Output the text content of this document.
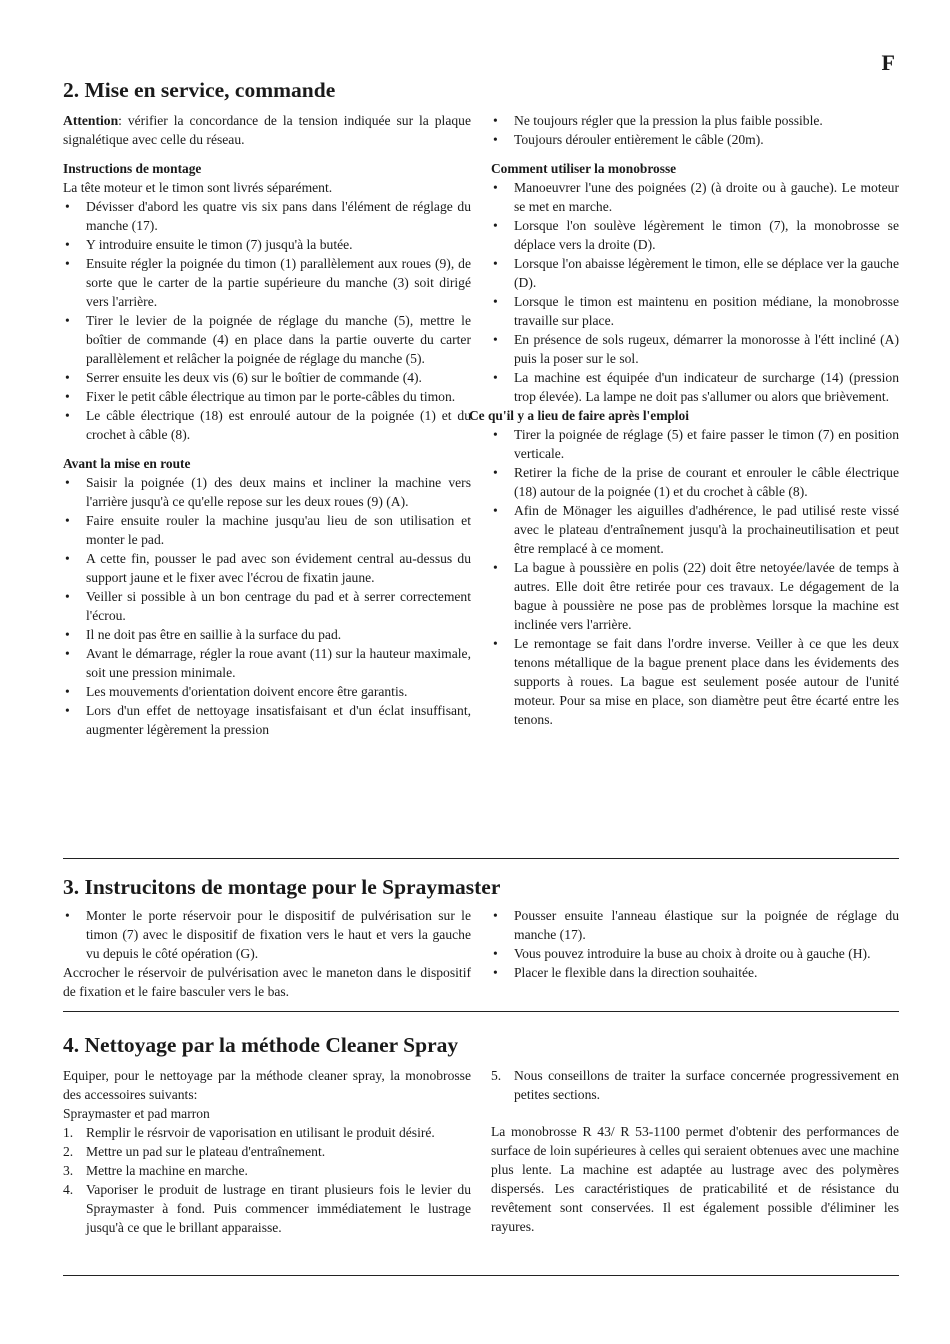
F
2. Mise en service, commande

Attention: vérifier la concordance de la tension indiquée sur la plaque signalétique avec celle du réseau.

Instructions de montage

La tête moteur et le timon sont livrés séparément.

• Dévisser d'abord les quatre vis six pans dans l'élément de réglage du manche (17).
• Y introduire ensuite le timon (7) jusqu'à la butée.
• Ensuite régler la poignée du timon (1) parallèlement aux roues (9), de sorte que le carter de la partie supérieure du manche (3) soit dirigé vers l'arrière.
• Tirer le levier de la poignée de réglage du manche (5), mettre le boîtier de commande (4) en place dans la partie ouverte du carter parallèlement et relâcher la poignée de réglage du manche (5).
• Serrer ensuite les deux vis (6) sur le boîtier de commande (4).
• Fixer le petit câble électrique au timon par le porte-câbles du timon.
• Le câble électrique (18) est enroulé autour de la poignée (1) et du crochet à câble (8).

Avant la mise en route

• Saisir la poignée (1) des deux mains et incliner la machine vers l'arrière jusqu'à ce qu'elle repose sur les deux roues (9) (A).
• Faire ensuite rouler la machine jusqu'au lieu de son utilisation et monter le pad.
• A cette fin, pousser le pad avec son évidement central au-dessus du support jaune et le fixer avec l'écrou de fixatin jaune.
• Veiller si possible à un bon centrage du pad et à serrer correctement l'écrou.
• Il ne doit pas être en saillie à la surface du pad.
• Avant le démarrage, régler la roue avant (11) sur la hauteur maximale, soit une pression minimale.
• Les mouvements d'orientation doivent encore être garantis.
• Lors d'un effet de nettoyage insatisfaisant et d'un éclat insuffisant, augmenter légèrement la pression
• Ne toujours régler que la pression la plus faible possible.
• Toujours dérouler entièrement le câble (20m).

Comment utiliser la monobrosse

• Manoeuvrer l'une des poignées (2) (à droite ou à gauche). Le moteur se met en marche.
• Lorsque l'on soulève légèrement le timon (7), la monobrosse se déplace vers la droite (D).
• Lorsque l'on abaisse légèrement le timon, elle se déplace ver la gauche (D).
• Lorsque le timon est maintenu en position médiane, la monobrosse travaille sur place.
• En présence de sols rugeux, démarrer la monorosse à l'étt incliné (A) puis la poser sur le sol.
• La machine est équipée d'un indicateur de surcharge (14) (pression trop élevée). La lampe ne doit pas s'allumer ou alors que brièvement.

Ce qu'il y a lieu de faire après l'emploi

• Tirer la poignée de réglage (5) et faire passer le timon (7) en position verticale.
• Retirer la fiche de la prise de courant et enrouler le câble électrique (18) autour de la poignée (1) et du crochet à câble (8).
• Afin de Mönager les aiguilles d'adhérence, le pad utilisé reste vissé avec le plateau d'entraînement jusqu'à la prochaineutilisation et peut être remplacé à ce moment.
• La bague à poussière en polis (22) doit être netoyée/lavée de temps à autres. Elle doit être retirée pour ces travaux. Le dégagement de la bague à poussière ne pose pas de problèmes lorsque la machine est inclinée vers l'arrière.
• Le remontage se fait dans l'ordre inverse. Veiller à ce que les deux tenons métallique de la bague prenent place dans les évidements des supports à roues. La bague est seulement posée autour de l'unité moteur. Pour sa mise en place, son diamètre peut être écarté entre les tenons.
3. Instrucitons de montage pour le Spraymaster
• Monter le porte réservoir pour le dispositif de pulvérisation sur le timon (7) avec le dispositif de fixation vers le haut et vers la gauche vu depuis le côté opération (G).

Accrocher le réservoir de pulvérisation avec le maneton dans le dispositif de fixation et le faire basculer vers le bas.

• Pousser ensuite l'anneau élastique sur la poignée de réglage du manche (17).
• Vous pouvez introduire la buse au choix à droite ou à gauche (H).
• Placer le flexible dans la direction souhaitée.
4. Nettoyage par la méthode Cleaner Spray

Equiper, pour le nettoyage par la méthode cleaner spray, la monobrosse des accessoires suivants:

Spraymaster et pad marron

1. Remplir le résrvoir de vaporisation en utilisant le produit désiré.
2. Mettre un pad sur le plateau d'entraînement.
3. Mettre la machine en marche.
4. Vaporiser le produit de lustrage en tirant plusieurs fois le levier du Spraymaster à fond. Puis commencer immédiatement le lustrage jusqu'à ce que le brillant apparaisse.
5. Nous conseillons de traiter la surface concernée progressivement en petites sections.

La monobrosse R 43/ R 53-1100 permet d'obtenir des performances de surface de loin supérieures à celles qui seraient obtenues avec une machine plus lente. La machine est adaptée au lustrage avec des polymères dispersés. Les caractéristiques de praticabilité et de résistance du revêtement sont conservées. Il est également possible d'éliminer les rayures.
